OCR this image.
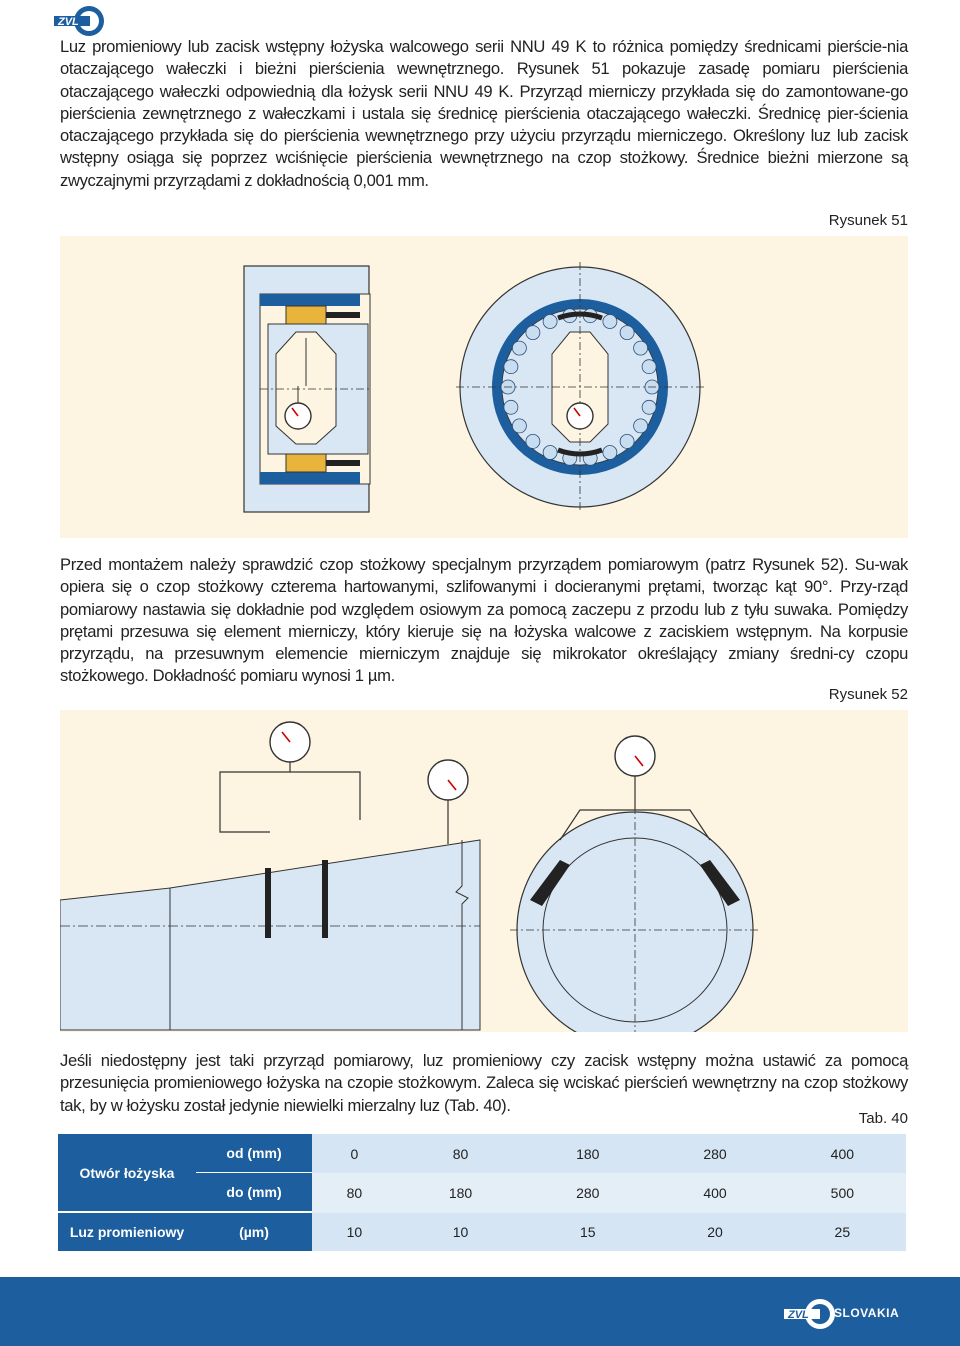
ZVL

Luz promieniowy lub zacisk wstępny łożyska walcowego serii NNU 49 K to różnica pomiędzy średnicami pierście-nia otaczającego wałeczki i bieżni pierścienia wewnętrznego. Rysunek 51 pokazuje zasadę pomiaru pierścienia otaczającego wałeczki odpowiednią dla łożysk serii NNU 49 K. Przyrząd mierniczy przykłada się do zamontowane-go pierścienia zewnętrznego z wałeczkami i ustala się średnicę pierścienia otaczającego wałeczki. Średnicę pier-ścienia otaczającego przykłada się do pierścienia wewnętrznego przy użyciu przyrządu mierniczego. Określony luz lub zacisk wstępny osiąga się poprzez wciśnięcie pierścienia wewnętrznego na czop stożkowy. Średnice bieżni mierzone są zwyczajnymi przyrządami z dokładnością 0,001 mm.

Rysunek 51

Przed montażem należy sprawdzić czop stożkowy specjalnym przyrządem pomiarowym (patrz Rysunek 52). Su-wak opiera się o czop stożkowy czterema hartowanymi, szlifowanymi i docieranymi prętami, tworząc kąt 90°. Przy-rząd pomiarowy nastawia się dokładnie pod względem osiowym za pomocą zaczepu z przodu lub z tyłu suwaka. Pomiędzy prętami przesuwa się element mierniczy, który kieruje się na łożyska walcowe z zaciskiem wstępnym. Na korpusie przyrządu, na przesuwnym elemencie mierniczym znajduje się mikrokator określający zmiany średni-cy czopu stożkowego. Dokładność pomiaru wynosi 1 µm.

Rysunek 52

Jeśli niedostępny jest taki przyrząd pomiarowy, luz promieniowy czy zacisk wstępny można ustawić za pomocą przesunięcia promieniowego łożyska na czopie stożkowym. Zaleca się wciskać pierścień wewnętrzny na czop stożkowy tak, by w łożysku został jedynie niewielki mierzalny luz (Tab. 40).

Tab. 40
Otwór łożyska	od (mm)	0	80	180	280	400
	do (mm)	80	180	280	400	500
Luz promieniowy	(µm)	10	10	15	20	25
ZVL SLOVAKIA
